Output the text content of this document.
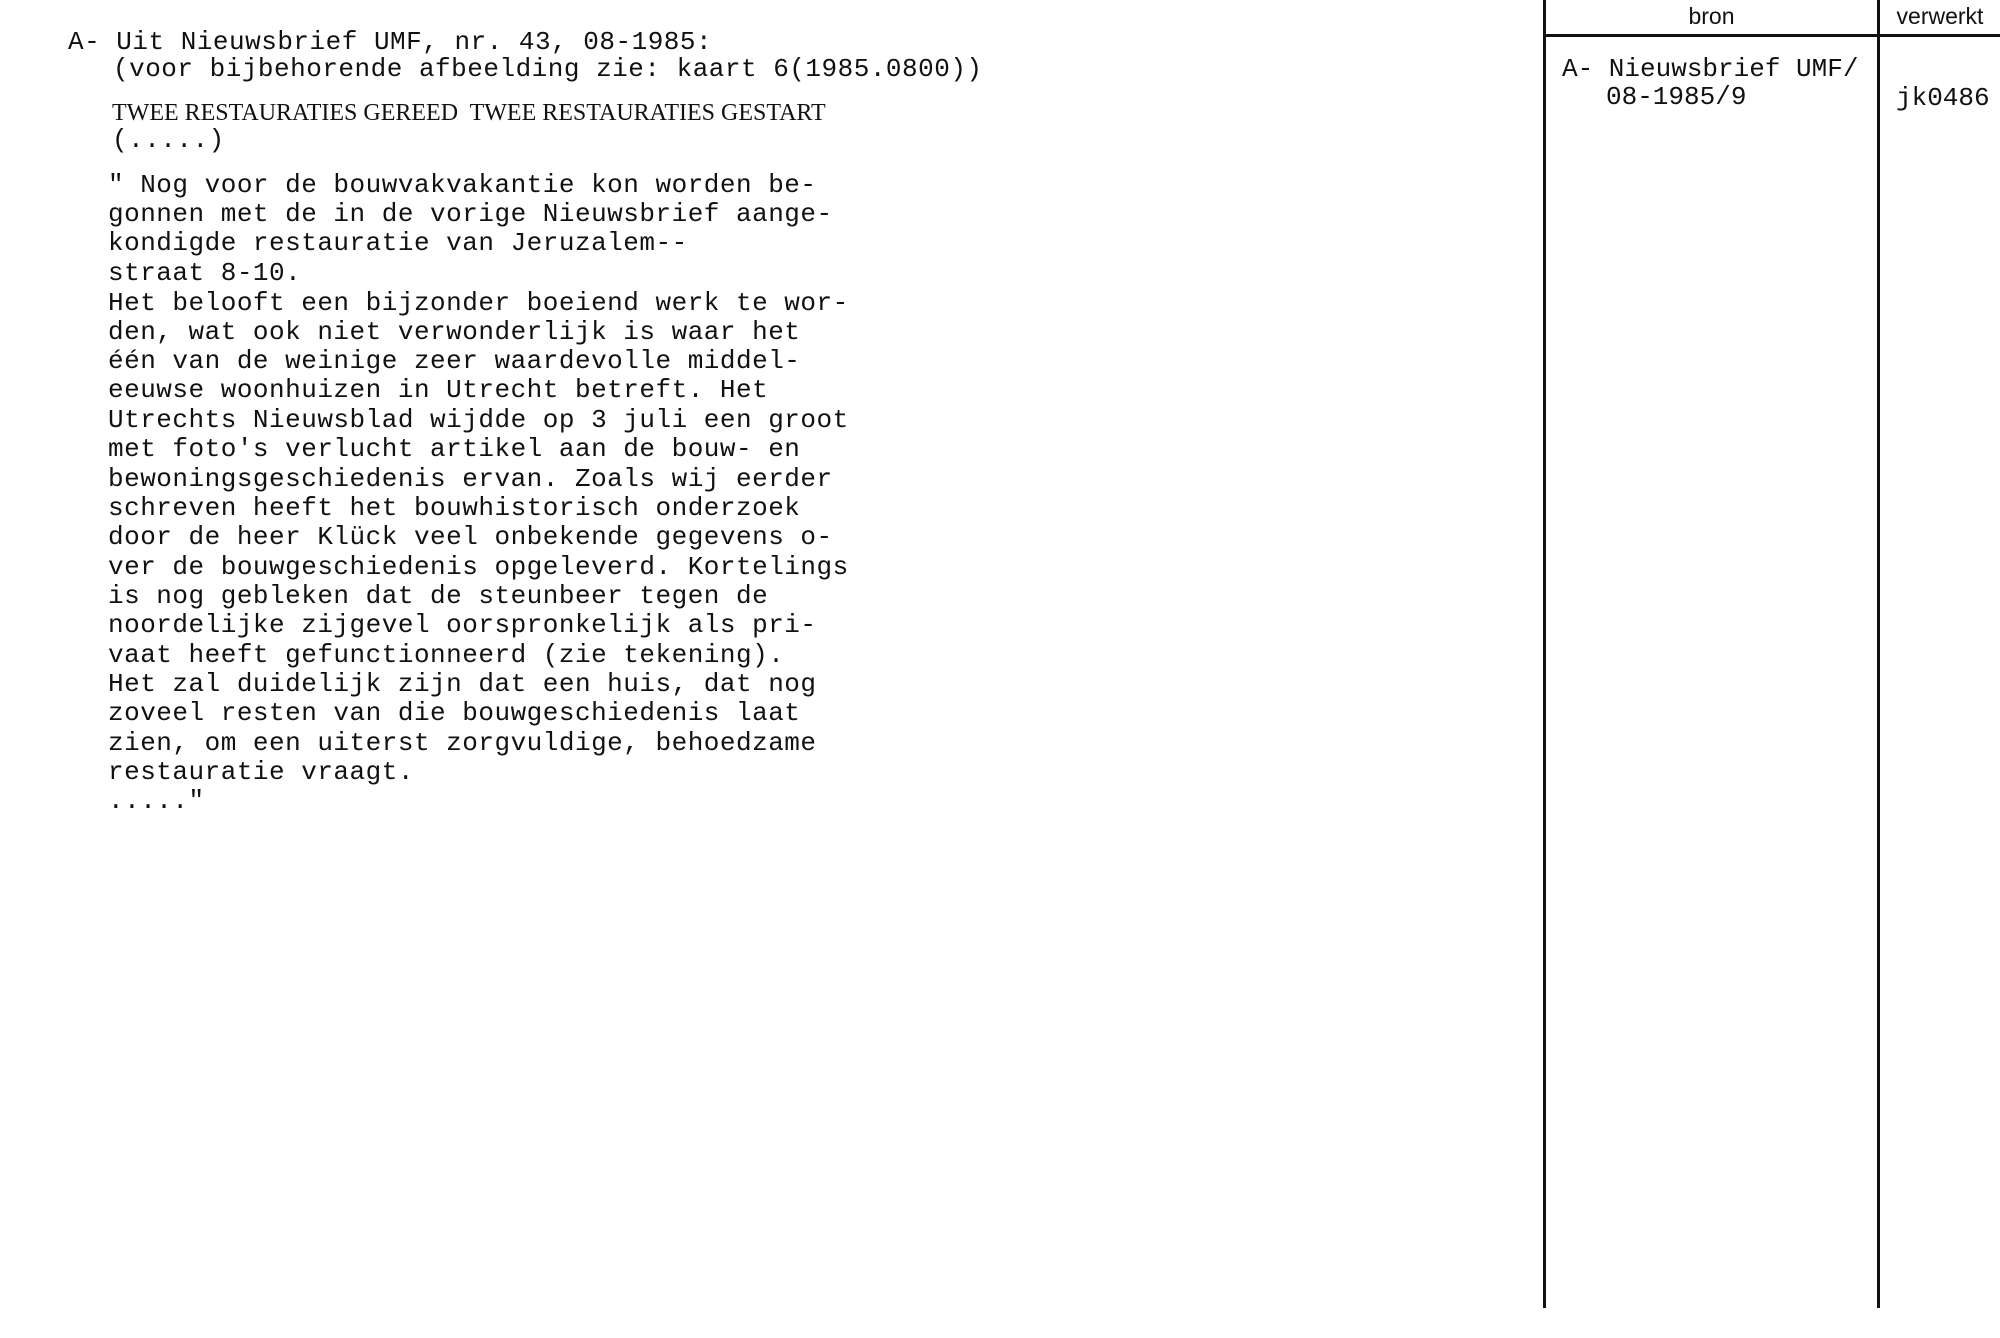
A- Uit Nieuwsbrief UMF, nr. 43, 08-1985:
(voor bijbehorende afbeelding zie: kaart 6(1985.0800))
TWEE RESTAURATIES GEREED  TWEE RESTAURATIES GESTART
(.....)
" Nog voor de bouwvakvakantie kon worden be-
gonnen met de in de vorige Nieuwsbrief aange-
kondigde restauratie van Jeruzalem--
straat 8-10.
Het belooft een bijzonder boeiend werk te wor-
den, wat ook niet verwonderlijk is waar het
één van de weinige zeer waardevolle middel-
eeuwse woonhuizen in Utrecht betreft. Het
Utrechts Nieuwsblad wijdde op 3 juli een groot
met foto's verlucht artikel aan de bouw- en
bewoningsgeschiedenis ervan. Zoals wij eerder
schreven heeft het bouwhistorisch onderzoek
door de heer Klück veel onbekende gegevens o-
ver de bouwgeschiedenis opgeleverd. Kortelings
is nog gebleken dat de steunbeer tegen de
noordelijke zijgevel oorspronkelijk als pri-
vaat heeft gefunctionneerd (zie tekening).
Het zal duidelijk zijn dat een huis, dat nog
zoveel resten van die bouwgeschiedenis laat
zien, om een uiterst zorgvuldige, behoedzame
restauratie vraagt.
....."
bron	verwerkt
A- Nieuwsbrief UMF/
08-1985/9	jk0486
